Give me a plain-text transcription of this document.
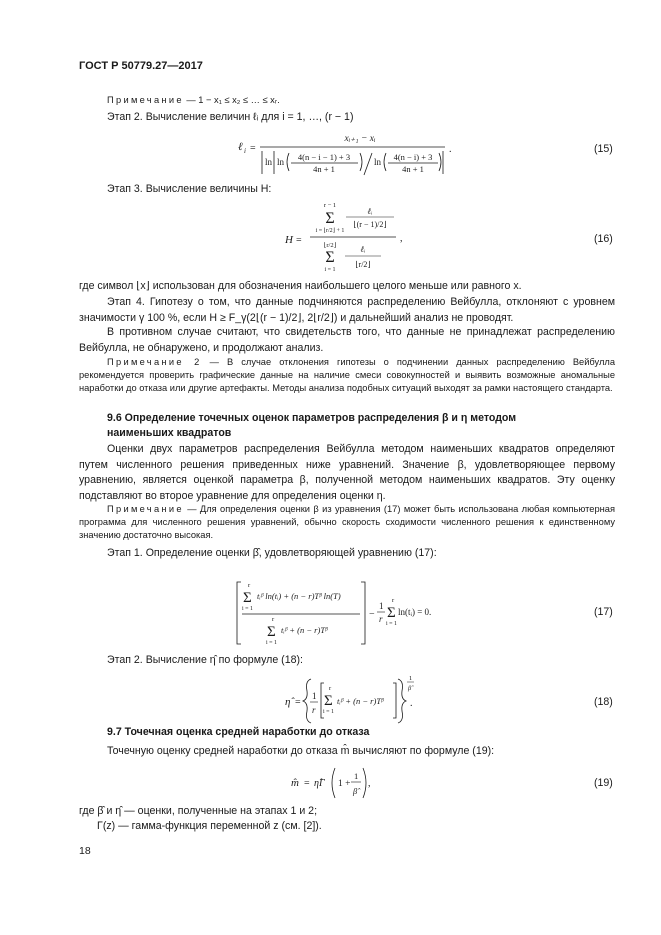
ГОСТ Р 50779.27—2017

Примечание — 1 − x₁ ≤ x₂ ≤ … ≤ xᵣ.

Этап 2. Вычисление величин ℓᵢ для i = 1, …, (r − 1)

ℓ i =
xᵢ₊₁ − xᵢ
ln ln 4(n − i − 1) + 3
4n + 1
ln 4(n − i) + 3
4n + 1
.	(15)

Этап 3. Вычисление величины H:

H =
r − 1
Σ
i = ⌊r/2⌋ + 1
ℓᵢ
⌊(r − 1)/2⌋
⌊r/2⌋
Σ
i = 1
ℓᵢ
⌊r/2⌋
,	(16)

где символ ⌊x⌋ использован для обозначения наибольшего целого меньше или равного x.

Этап 4. Гипотезу о том, что данные подчиняются распределению Вейбулла, отклоняют с уровнем значимости γ 100 %, если H ≥ F_γ(2⌊(r − 1)/2⌋, 2⌊r/2⌋) и дальнейший анализ не проводят.

В противном случае считают, что свидетельств того, что данные не принадлежат распределению Вейбулла, не обнаружено, и продолжают анализ.

Примечание 2 — В случае отклонения гипотезы о подчинении данных распределению Вейбулла рекомендуется проверить графические данные на наличие смеси совокупностей и выявить возможные аномальные наработки до отказа или другие артефакты. Методы анализа подобных ситуаций выходят за рамки настоящего стандарта.

9.6 Определение точечных оценок параметров распределения β и η методом наименьших квадратов

Оценки двух параметров распределения Вейбулла методом наименьших квадратов определяют путем численного решения приведенных ниже уравнений. Значение β, удовлетворяющее первому уравнению, является оценкой параметра β, полученной методом наименьших квадратов. Эту оценку подставляют во второе уравнение для определения оценки η.

Примечание — Для определения оценки β из уравнения (17) может быть использована любая компьютерная программа для численного решения уравнений, обычно скорость сходимости численного решения к единственному значению достаточно высокая.

Этап 1. Определение оценки β̂, удовлетворяющей уравнению (17):

r
Σ
i = 1
tᵢᵝ ln(tᵢ) + (n − r)Tᵝ ln(T)
r
Σ
i = 1
tᵢᵝ + (n − r)Tᵝ
−
1
r
r
Σ
i = 1
ln(tᵢ) = 0.	(17)

Этап 2. Вычисление η̂ по формуле (18):

η̂ =
1
r
r
Σ
i = 1
tᵢᵝ + (n − r)Tᵝ
1
β̂
.	(18)

9.7 Точечная оценка средней наработки до отказа

Точечную оценку средней наработки до отказа m̂ вычисляют по формуле (19):

m̂ = η̂Γ 1 +
1
β̂
,	(19)

где β̂ и η̂ — оценки, полученные на этапах 1 и 2;

Γ(z) — гамма-функция переменной z (см. [2]).

18
